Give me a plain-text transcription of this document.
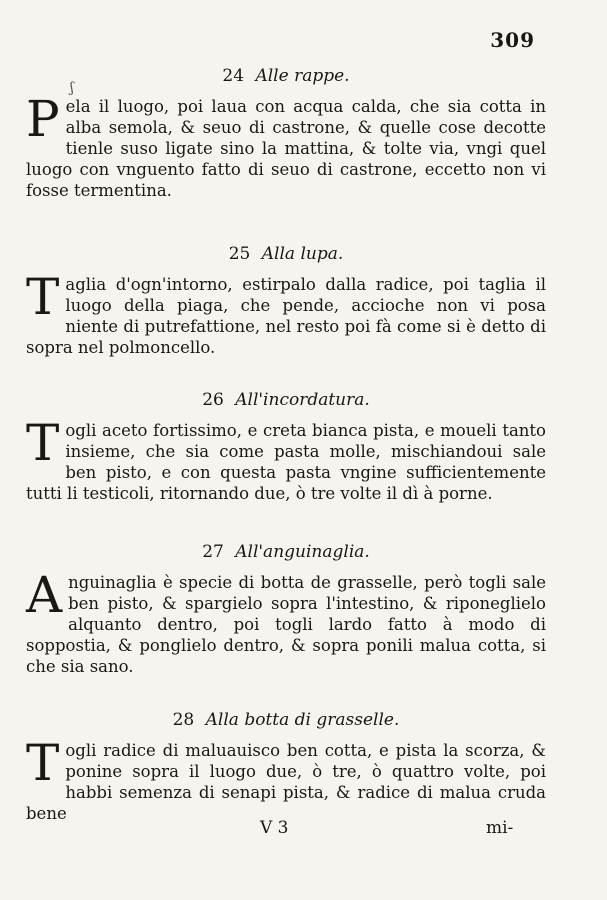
309
ʃ
24 Alle rappe.

P ela il luogo, poi laua con acqua calda, che sia cotta in alba semola, & seuo di castrone, & quelle cose decotte tienle suso ligate sino la mattina, & tolte via, vngi quel luogo con vnguento fatto di seuo di castrone, eccetto non vi fosse termentina.

25 Alla lupa.

T aglia d'ogn'intorno, estirpalo dalla radice, poi taglia il luogo della piaga, che pende, accioche non vi posa niente di putrefattione, nel resto poi fà come si è detto di sopra nel polmoncello.

26 All'incordatura.

T ogli aceto fortissimo, e creta bianca pista, e moueli tanto insieme, che sia come pasta molle, mischiandoui sale ben pisto, e con questa pasta vngine sufficientemente tutti li testicoli, ritornando due, ò tre volte il dì à porne.

27 All'anguinaglia.

A nguinaglia è specie di botta de grasselle, però togli sale ben pisto, & spargielo sopra l'intestino, & riponeglielo alquanto dentro, poi togli lardo fatto à modo di soppostia, & ponglielo dentro, & sopra ponili malua cotta, si che sia sano.

28 Alla botta di grasselle.

T ogli radice di maluauisco ben cotta, e pista la scorza, & ponine sopra il luogo due, ò tre, ò quattro volte, poi habbi semenza di senapi pista, & radice di malua cruda bene

V 3	mi-
